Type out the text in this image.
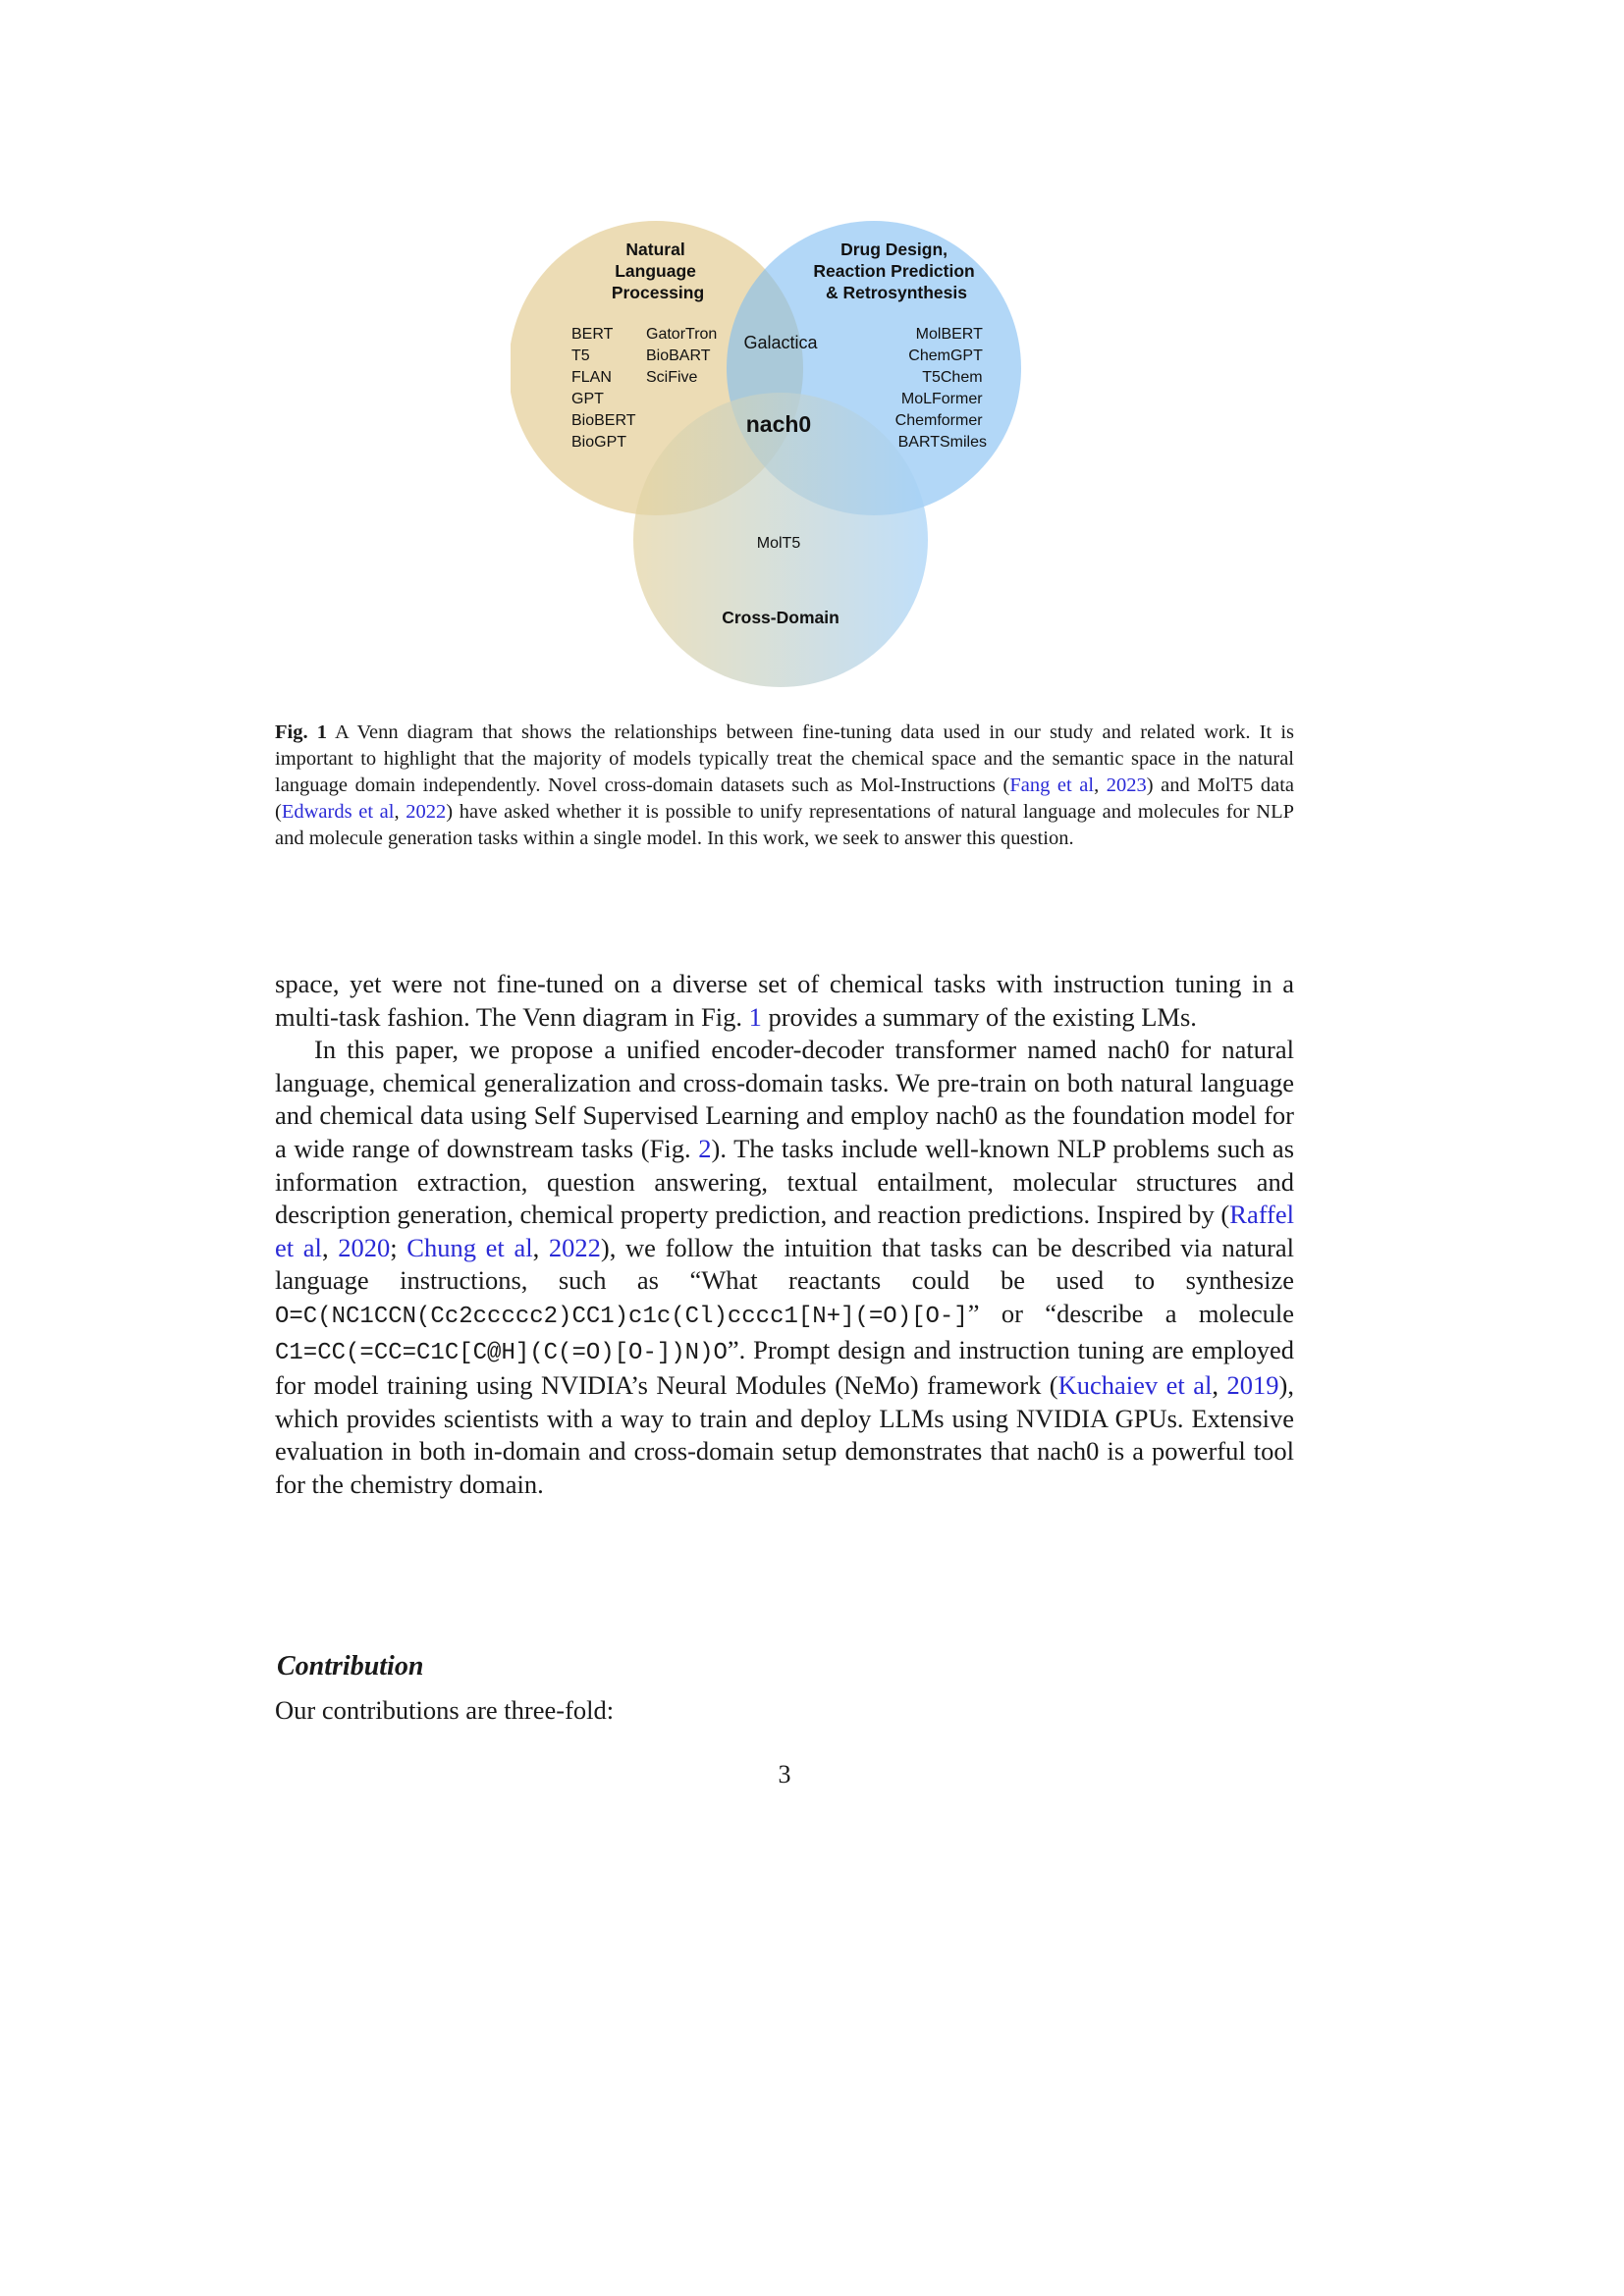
Natural Language Processing
Drug Design, Reaction Prediction & Retrosynthesis
BERT T5 FLAN GPT BioBERT BioGPT
GatorTron BioBART SciFive
MolBERT ChemGPT T5Chem MoLFormer Chemformer BARTSmiles
Galactica
nach0
MolT5
Cross-Domain
Fig. 1 A Venn diagram that shows the relationships between fine-tuning data used in our study and related work. It is important to highlight that the majority of models typically treat the chemical space and the semantic space in the natural language domain independently. Novel cross-domain datasets such as Mol-Instructions (Fang et al, 2023) and MolT5 data (Edwards et al, 2022) have asked whether it is possible to unify representations of natural language and molecules for NLP and molecule generation tasks within a single model. In this work, we seek to answer this question.

space, yet were not fine-tuned on a diverse set of chemical tasks with instruction tuning in a multi-task fashion. The Venn diagram in Fig. 1 provides a summary of the existing LMs.

In this paper, we propose a unified encoder-decoder transformer named nach0 for natural language, chemical generalization and cross-domain tasks. We pre-train on both natural language and chemical data using Self Supervised Learning and employ nach0 as the foundation model for a wide range of downstream tasks (Fig. 2). The tasks include well-known NLP problems such as information extraction, question answering, textual entailment, molecular structures and description generation, chemical property prediction, and reaction predictions. Inspired by (Raffel et al, 2020; Chung et al, 2022), we follow the intuition that tasks can be described via natural language instructions, such as “What reactants could be used to synthesize O=C(NC1CCN(Cc2ccccc2)CC1)c1c(Cl)cccc1[N+](=O)[O-]” or “describe a molecule C1=CC(=CC=C1C[C@H](C(=O)[O-])N)O”. Prompt design and instruction tuning are employed for model training using NVIDIA’s Neural Modules (NeMo) framework (Kuchaiev et al, 2019), which provides scientists with a way to train and deploy LLMs using NVIDIA GPUs. Extensive evaluation in both in-domain and cross-domain setup demonstrates that nach0 is a powerful tool for the chemistry domain.

Contribution
Our contributions are three-fold:
3
